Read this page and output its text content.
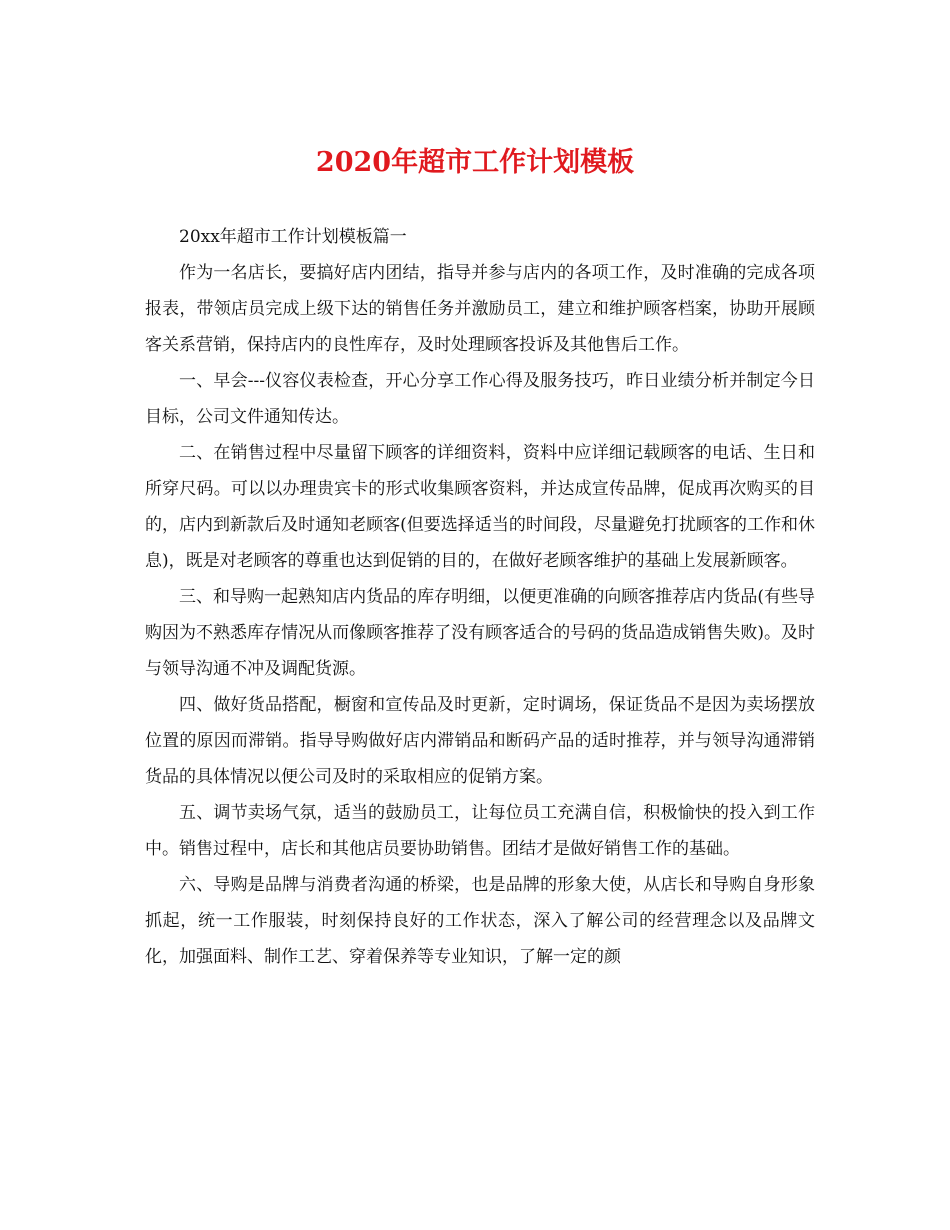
2020年超市工作计划模板

20xx年超市工作计划模板篇一

作为一名店长，要搞好店内团结，指导并参与店内的各项工作，及时准确的完成各项报表，带领店员完成上级下达的销售任务并激励员工，建立和维护顾客档案，协助开展顾客关系营销，保持店内的良性库存，及时处理顾客投诉及其他售后工作。

一、早会---仪容仪表检查，开心分享工作心得及服务技巧，昨日业绩分析并制定今日目标，公司文件通知传达。

二、在销售过程中尽量留下顾客的详细资料，资料中应详细记载顾客的电话、生日和所穿尺码。可以以办理贵宾卡的形式收集顾客资料，并达成宣传品牌，促成再次购买的目的，店内到新款后及时通知老顾客(但要选择适当的时间段，尽量避免打扰顾客的工作和休息)，既是对老顾客的尊重也达到促销的目的，在做好老顾客维护的基础上发展新顾客。

三、和导购一起熟知店内货品的库存明细，以便更准确的向顾客推荐店内货品(有些导购因为不熟悉库存情况从而像顾客推荐了没有顾客适合的号码的货品造成销售失败)。及时与领导沟通不冲及调配货源。

四、做好货品搭配，橱窗和宣传品及时更新，定时调场，保证货品不是因为卖场摆放位置的原因而滞销。指导导购做好店内滞销品和断码产品的适时推荐，并与领导沟通滞销货品的具体情况以便公司及时的采取相应的促销方案。

五、调节卖场气氛，适当的鼓励员工，让每位员工充满自信，积极愉快的投入到工作中。销售过程中，店长和其他店员要协助销售。团结才是做好销售工作的基础。

六、导购是品牌与消费者沟通的桥梁，也是品牌的形象大使，从店长和导购自身形象抓起，统一工作服装，时刻保持良好的工作状态，深入了解公司的经营理念以及品牌文化，加强面料、制作工艺、穿着保养等专业知识，了解一定的颜
